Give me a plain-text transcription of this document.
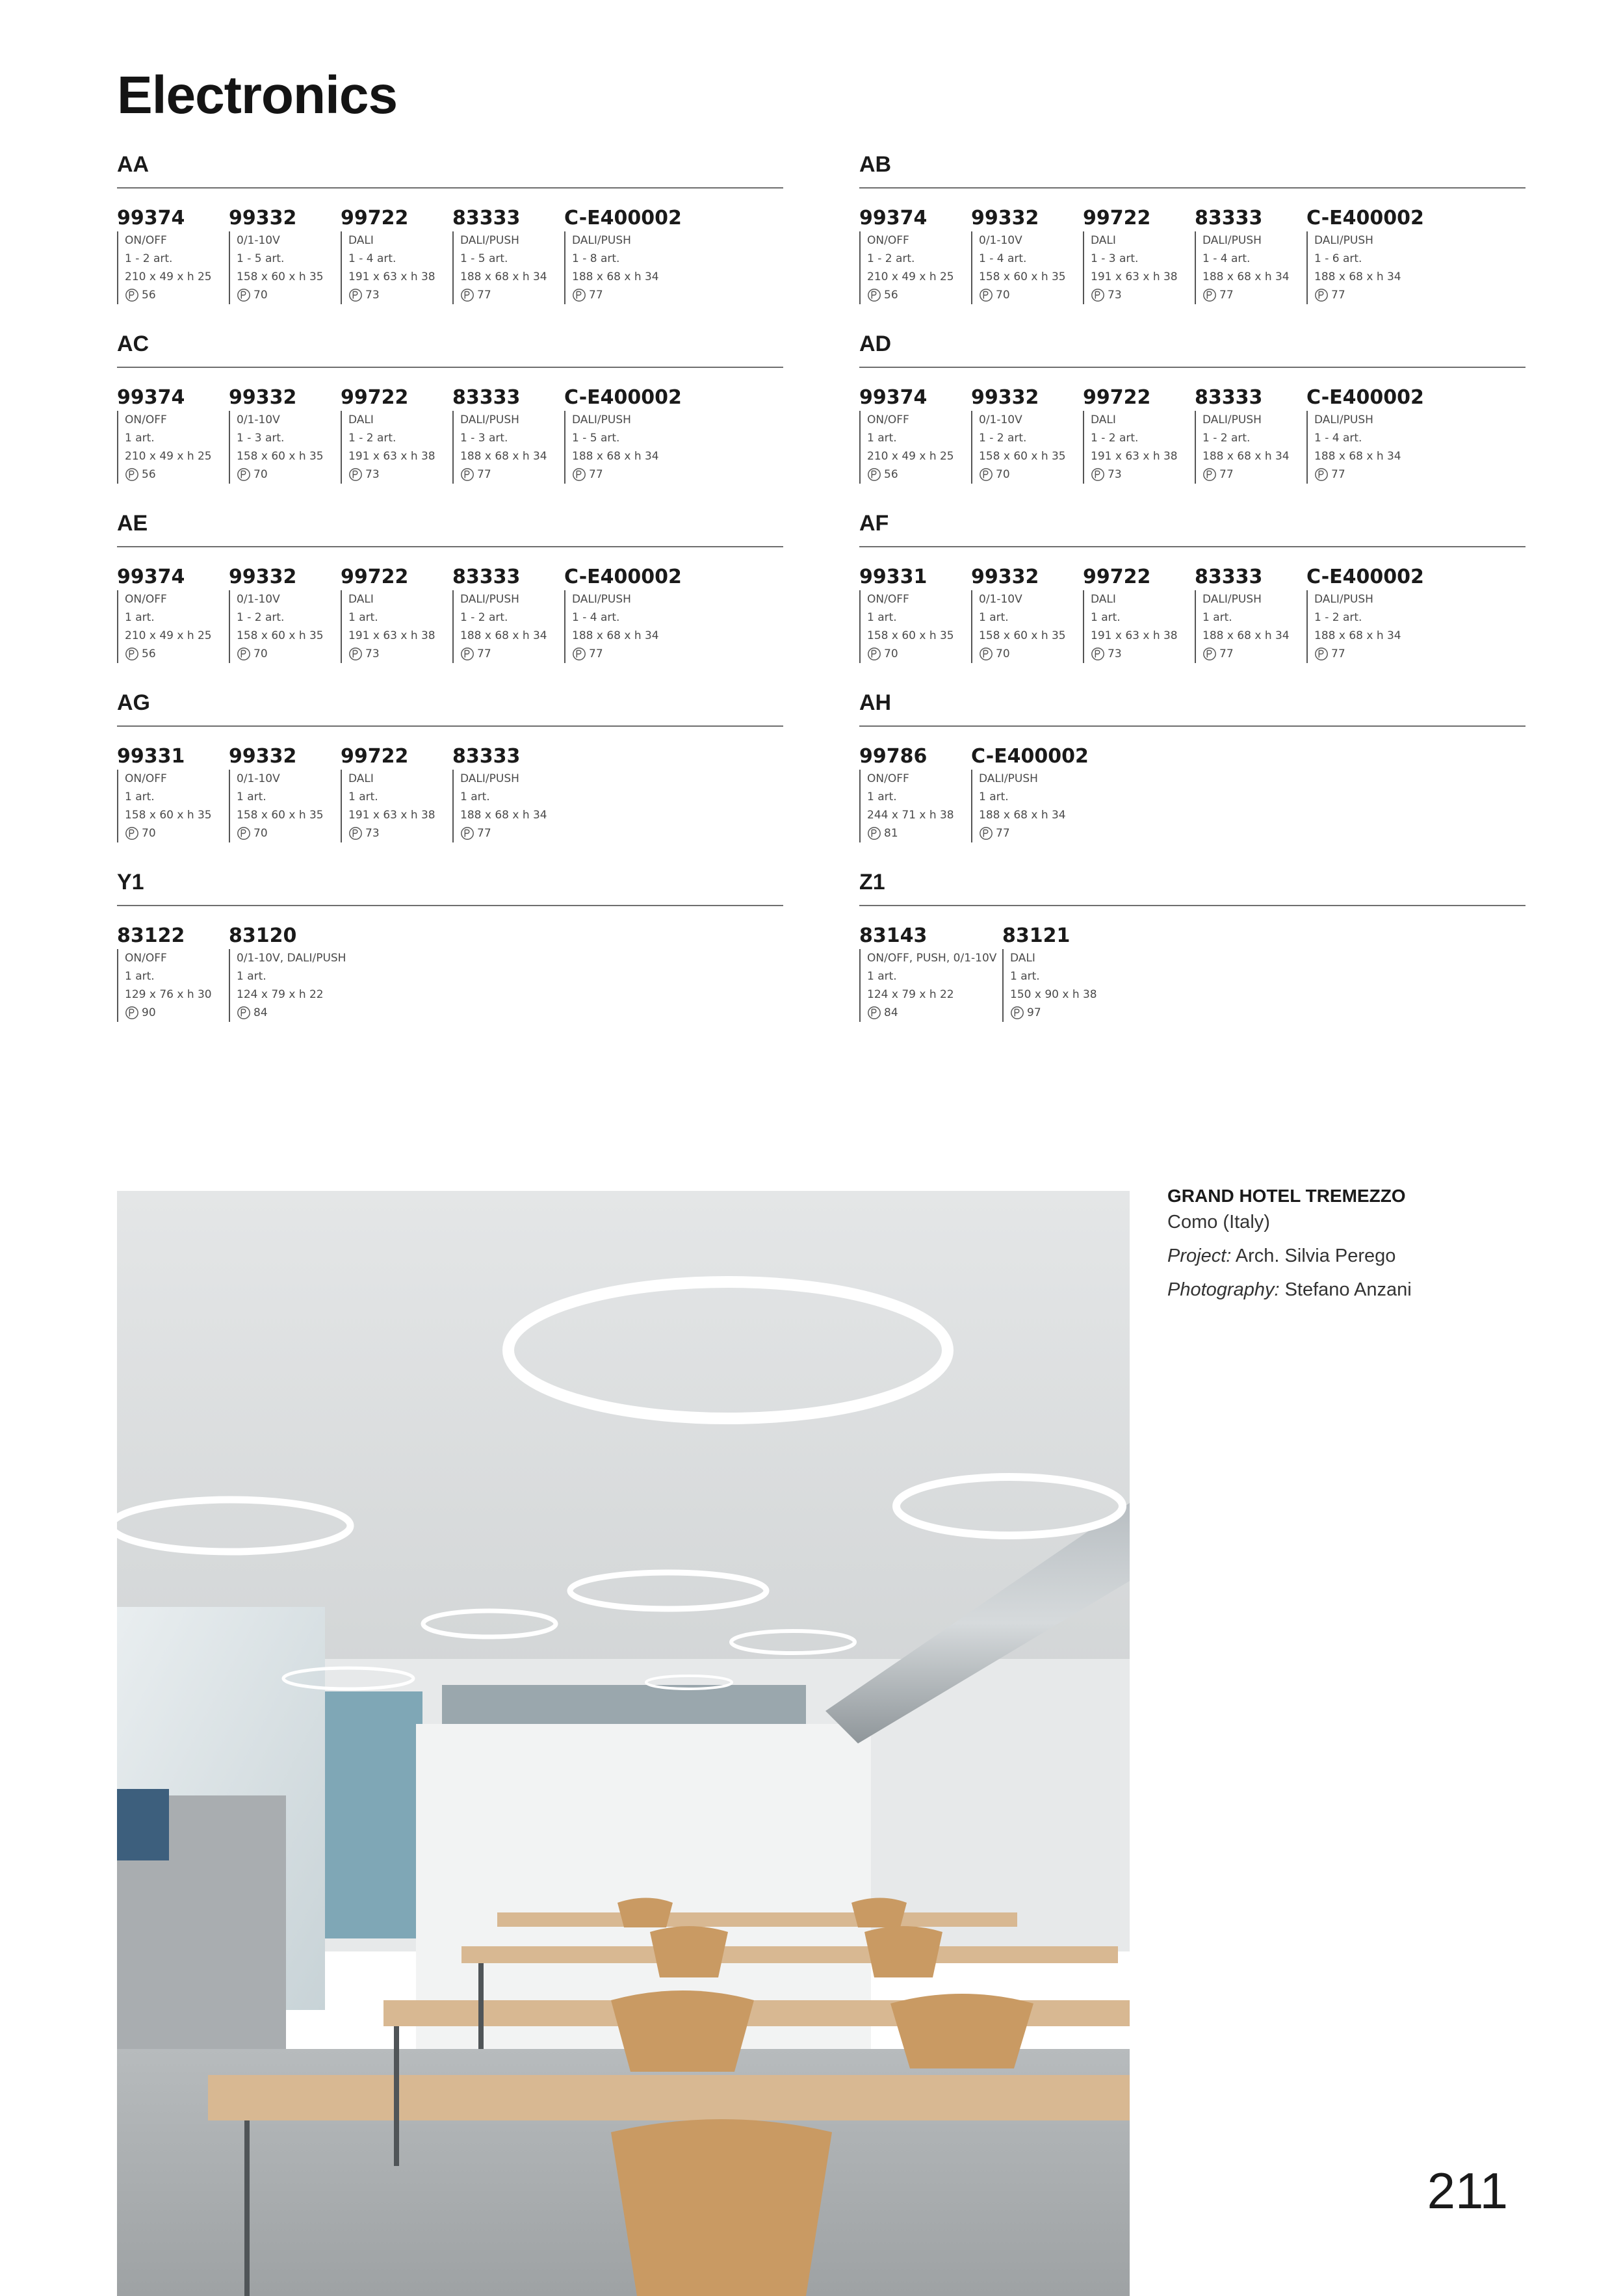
Electronics
AA
99374
ON/OFF
1 - 2 art.
210 x 49 x h 25
56
99332
0/1-10V
1 - 5 art.
158 x 60 x h 35
70
99722
DALI
1 - 4 art.
191 x 63 x h 38
73
83333
DALI/PUSH
1 - 5 art.
188 x 68 x h 34
77
C-E400002
DALI/PUSH
1 - 8 art.
188 x 68 x h 34
77
AB
99374
ON/OFF
1 - 2 art.
210 x 49 x h 25
56
99332
0/1-10V
1 - 4 art.
158 x 60 x h 35
70
99722
DALI
1 - 3 art.
191 x 63 x h 38
73
83333
DALI/PUSH
1 - 4 art.
188 x 68 x h 34
77
C-E400002
DALI/PUSH
1 - 6 art.
188 x 68 x h 34
77
AC
99374
ON/OFF
1 art.
210 x 49 x h 25
56
99332
0/1-10V
1 - 3 art.
158 x 60 x h 35
70
99722
DALI
1 - 2 art.
191 x 63 x h 38
73
83333
DALI/PUSH
1 - 3 art.
188 x 68 x h 34
77
C-E400002
DALI/PUSH
1 - 5 art.
188 x 68 x h 34
77
AD
99374
ON/OFF
1 art.
210 x 49 x h 25
56
99332
0/1-10V
1 - 2 art.
158 x 60 x h 35
70
99722
DALI
1 - 2 art.
191 x 63 x h 38
73
83333
DALI/PUSH
1 - 2 art.
188 x 68 x h 34
77
C-E400002
DALI/PUSH
1 - 4 art.
188 x 68 x h 34
77
AE
99374
ON/OFF
1 art.
210 x 49 x h 25
56
99332
0/1-10V
1 - 2 art.
158 x 60 x h 35
70
99722
DALI
1 art.
191 x 63 x h 38
73
83333
DALI/PUSH
1 - 2 art.
188 x 68 x h 34
77
C-E400002
DALI/PUSH
1 - 4 art.
188 x 68 x h 34
77
AF
99331
ON/OFF
1 art.
158 x 60 x h 35
70
99332
0/1-10V
1 art.
158 x 60 x h 35
70
99722
DALI
1 art.
191 x 63 x h 38
73
83333
DALI/PUSH
1 art.
188 x 68 x h 34
77
C-E400002
DALI/PUSH
1 - 2 art.
188 x 68 x h 34
77
AG
99331
ON/OFF
1 art.
158 x 60 x h 35
70
99332
0/1-10V
1 art.
158 x 60 x h 35
70
99722
DALI
1 art.
191 x 63 x h 38
73
83333
DALI/PUSH
1 art.
188 x 68 x h 34
77
AH
99786
ON/OFF
1 art.
244 x 71 x h 38
81
C-E400002
DALI/PUSH
1 art.
188 x 68 x h 34
77
Y1
83122
ON/OFF
1 art.
129 x 76 x h 30
90
83120
0/1-10V, DALI/PUSH
1 art.
124 x 79 x h 22
84
Z1
83143
ON/OFF, PUSH, 0/1-10V
1 art.
124 x 79 x h 22
84
83121
DALI
1 art.
150 x 90 x h 38
97
GRAND HOTEL TREMEZZO
Como (Italy)
Project: Arch. Silvia Perego
Photography: Stefano Anzani
211
